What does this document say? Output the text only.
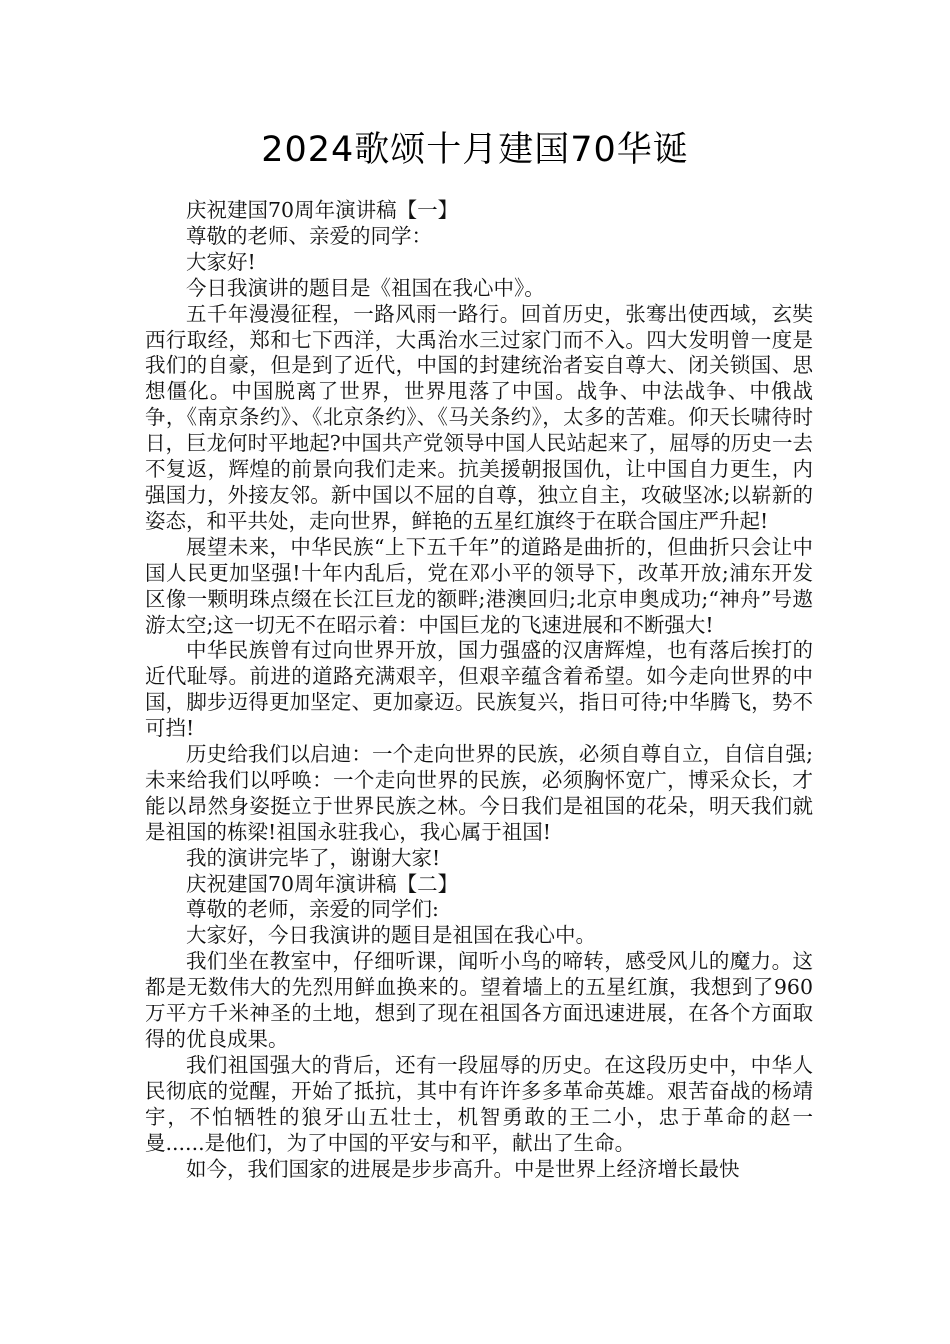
2024歌颂十月建国70华诞

庆祝建国70周年演讲稿【一】

尊敬的老师、亲爱的同学：

大家好!

今日我演讲的题目是《祖国在我心中》。

五千年漫漫征程，一路风雨一路行。回首历史，张骞出使西域，玄奘西行取经，郑和七下西洋，大禹治水三过家门而不入。四大发明曾一度是我们的自豪，但是到了近代，中国的封建统治者妄自尊大、闭关锁国、思想僵化。中国脱离了世界，世界甩落了中国。战争、中法战争、中俄战争，《南京条约》、《北京条约》、《马关条约》，太多的苦难。仰天长啸待时日，巨龙何时平地起?中国共产党领导中国人民站起来了，屈辱的历史一去不复返，辉煌的前景向我们走来。抗美援朝报国仇，让中国自力更生，内强国力，外接友邻。新中国以不屈的自尊，独立自主，攻破坚冰;以崭新的姿态，和平共处，走向世界，鲜艳的五星红旗终于在联合国庄严升起!

展望未来，中华民族“上下五千年”的道路是曲折的，但曲折只会让中国人民更加坚强!十年内乱后，党在邓小平的领导下，改革开放;浦东开发区像一颗明珠点缀在长江巨龙的额畔;港澳回归;北京申奥成功;“神舟”号遨游太空;这一切无不在昭示着：中国巨龙的飞速进展和不断强大!

中华民族曾有过向世界开放，国力强盛的汉唐辉煌，也有落后挨打的近代耻辱。前进的道路充满艰辛，但艰辛蕴含着希望。如今走向世界的中国，脚步迈得更加坚定、更加豪迈。民族复兴，指日可待;中华腾飞，势不可挡!

历史给我们以启迪：一个走向世界的民族，必须自尊自立，自信自强;未来给我们以呼唤：一个走向世界的民族，必须胸怀宽广，博采众长，才能以昂然身姿挺立于世界民族之林。今日我们是祖国的花朵，明天我们就是祖国的栋梁!祖国永驻我心，我心属于祖国!

我的演讲完毕了，谢谢大家!

庆祝建国70周年演讲稿【二】

尊敬的老师，亲爱的同学们:

大家好，今日我演讲的题目是祖国在我心中。

我们坐在教室中，仔细听课，闻听小鸟的啼转，感受风儿的魔力。这都是无数伟大的先烈用鲜血换来的。望着墙上的五星红旗，我想到了960万平方千米神圣的土地，想到了现在祖国各方面迅速进展，在各个方面取得的优良成果。

我们祖国强大的背后，还有一段屈辱的历史。在这段历史中，中华人民彻底的觉醒，开始了抵抗，其中有许许多多革命英雄。艰苦奋战的杨靖宇，不怕牺牲的狼牙山五壮士，机智勇敢的王二小，忠于革命的赵一曼......是他们，为了中国的平安与和平，献出了生命。

如今，我们国家的进展是步步高升。中是世界上经济增长最快
